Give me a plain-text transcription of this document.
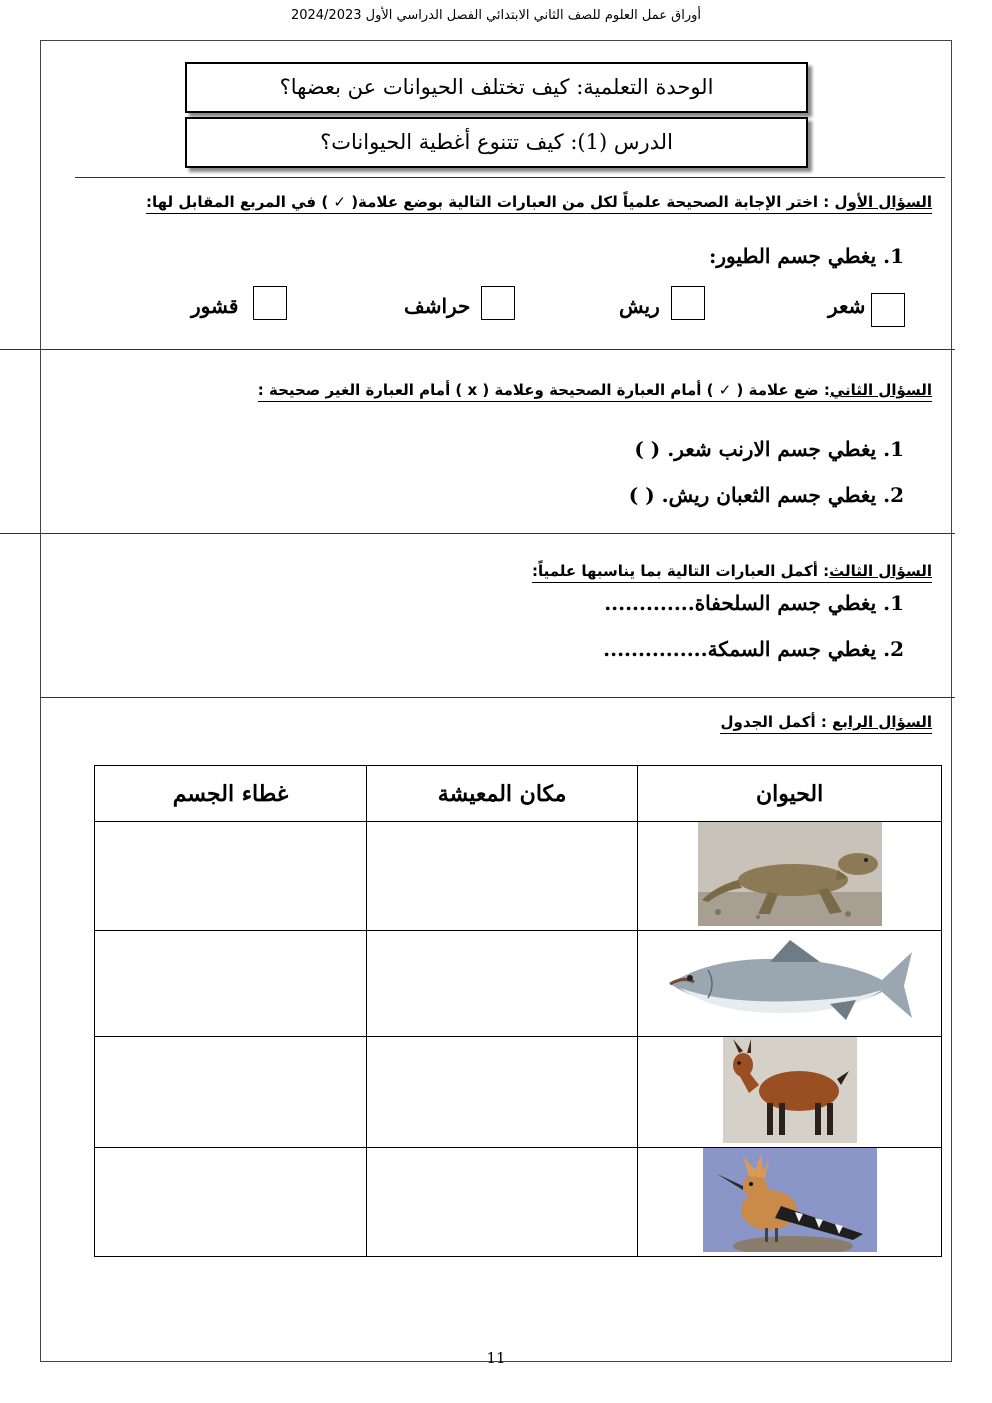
أوراق عمل العلوم للصف الثاني الابتدائي الفصل الدراسي الأول 2024/2023
الوحدة التعلمية: كيف تختلف الحيوانات عن بعضها؟
الدرس (1): كيف تتنوع أغطية الحيوانات؟
السؤال الأول : اختر الإجابة الصحيحة علمياً لكل من العبارات التالية بوضع علامة( ✓ ) في المربع المقابل لها:
1. يغطي جسم الطيور:
شعر
ريش
حراشف
قشور
السؤال الثاني: ضع علامة ( ✓ ) أمام العبارة الصحيحة وعلامة ( x ) أمام العبارة الغير صحيحة :
1. يغطي جسم الارنب شعر. ( )
2. يغطي جسم الثعبان ريش. ( )
السؤال الثالث: أكمل العبارات التالية بما يناسبها علمياً:
1. يغطي جسم السلحفاة.............
2. يغطي جسم السمكة...............
السؤال الرابع : أكمل الجدول
الحيوان	مكان المعيشة	غطاء الجسم

11
